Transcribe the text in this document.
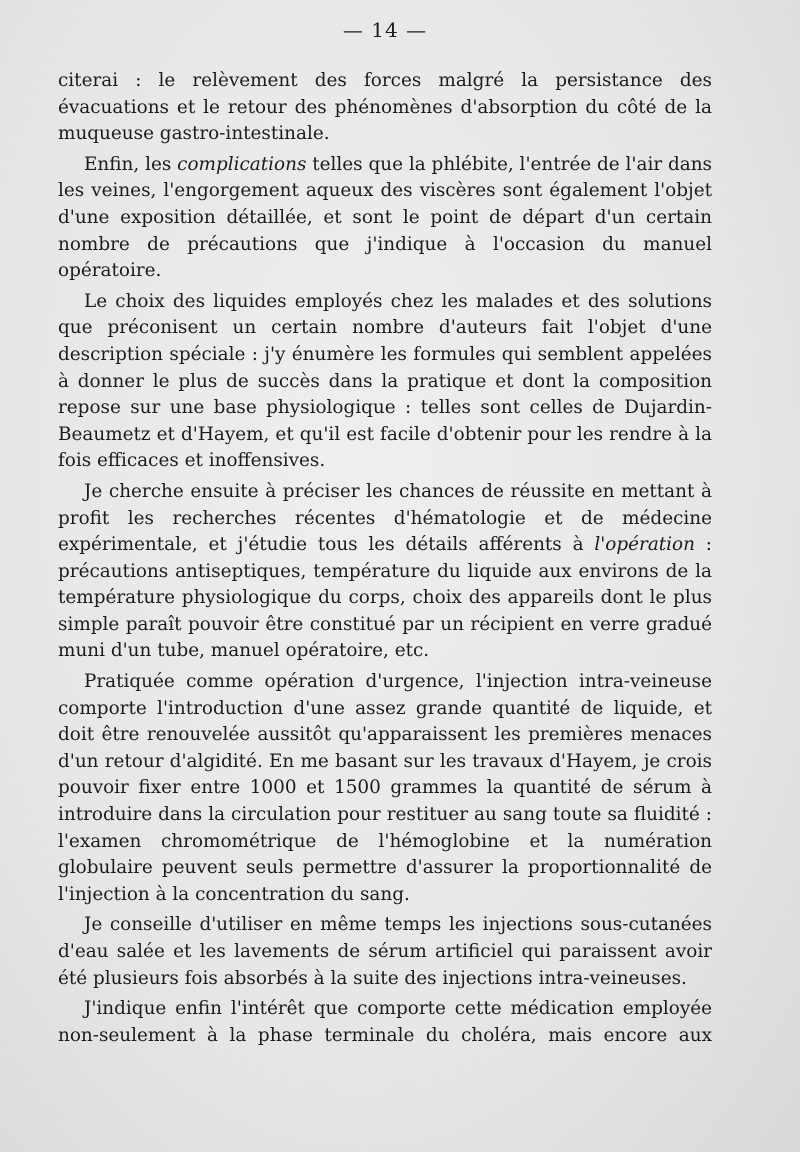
— 14 —

citerai : le relèvement des forces malgré la persistance des évacuations et le retour des phénomènes d'absorption du côté de la muqueuse gastro-intestinale.

Enfin, les complications telles que la phlébite, l'entrée de l'air dans les veines, l'engorgement aqueux des viscères sont également l'objet d'une exposition détaillée, et sont le point de départ d'un certain nombre de précautions que j'indique à l'occasion du manuel opératoire.

Le choix des liquides employés chez les malades et des solutions que préconisent un certain nombre d'auteurs fait l'objet d'une description spéciale : j'y énumère les formules qui semblent appelées à donner le plus de succès dans la pratique et dont la composition repose sur une base physiologique : telles sont celles de Dujardin-Beaumetz et d'Hayem, et qu'il est facile d'obtenir pour les rendre à la fois efficaces et inoffensives.

Je cherche ensuite à préciser les chances de réussite en mettant à profit les recherches récentes d'hématologie et de médecine expérimentale, et j'étudie tous les détails afférents à l'opération : précautions antiseptiques, température du liquide aux environs de la température physiologique du corps, choix des appareils dont le plus simple paraît pouvoir être constitué par un récipient en verre gradué muni d'un tube, manuel opératoire, etc.

Pratiquée comme opération d'urgence, l'injection intra-veineuse comporte l'introduction d'une assez grande quantité de liquide, et doit être renouvelée aussitôt qu'apparaissent les premières menaces d'un retour d'algidité. En me basant sur les travaux d'Hayem, je crois pouvoir fixer entre 1000 et 1500 grammes la quantité de sérum à introduire dans la circulation pour restituer au sang toute sa fluidité : l'examen chromométrique de l'hémoglobine et la numération globulaire peuvent seuls permettre d'assurer la proportionnalité de l'injection à la concentration du sang.

Je conseille d'utiliser en même temps les injections sous-cutanées d'eau salée et les lavements de sérum artificiel qui paraissent avoir été plusieurs fois absorbés à la suite des injections intra-veineuses.

J'indique enfin l'intérêt que comporte cette médication employée non-seulement à la phase terminale du choléra, mais encore aux
